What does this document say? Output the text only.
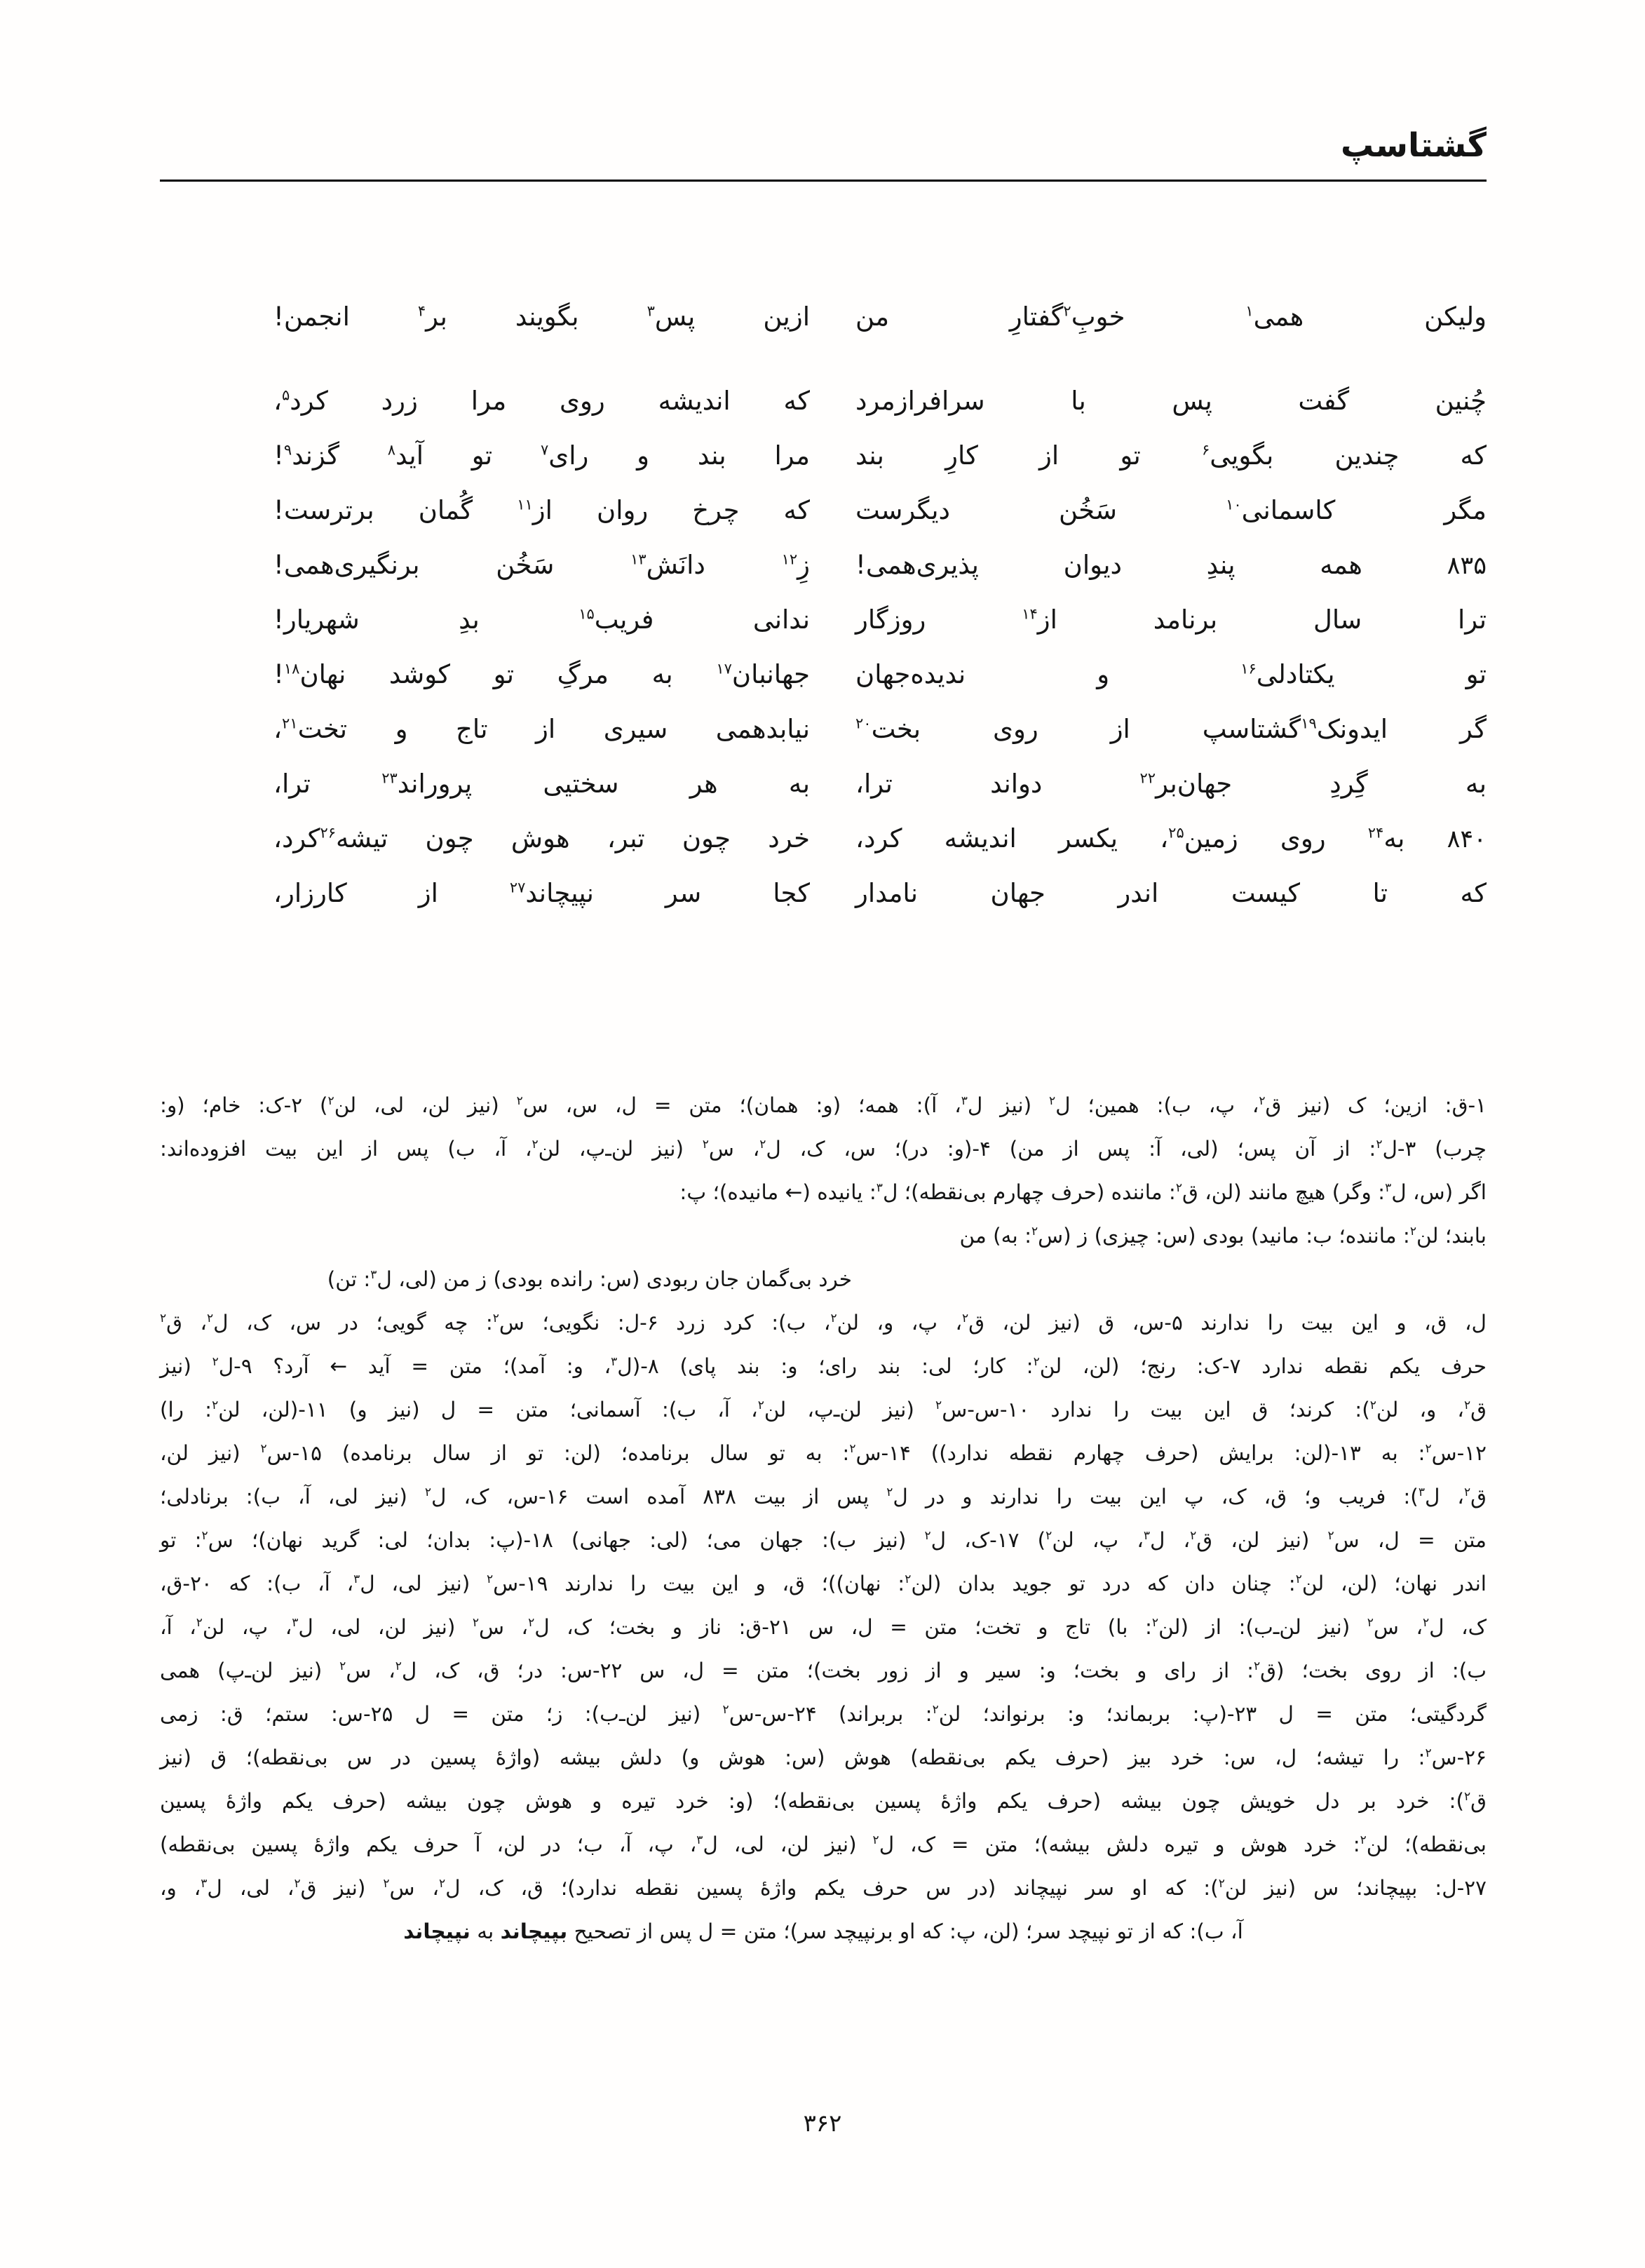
گشتاسپ
ولیکن
همی$^۱$
خوبِ$^۲$گفتارِ
من
ازین
پس$^۳$
بگویند
بر$^۴$
انجمن!
چُنین
گفت
پس
با
سرافرازمرد
که
اندیشه
روی
مرا
زرد
کرد$^۵$،
که
چندین
بگویی$^۶$
تو
از
کارِ
بند
مرا
بند
و
رای$^۷$
تو
آید$^۸$
گزند$^۹$!
مگر
کاسمانی$^{۱۰}$
سَخُن
دیگرست
که
چرخ
روان
از$^{۱۱}$
گُمان
برترست!
۸۳۵
همه
پندِ
دیوان
پذیری‌همی!
زِ$^{۱۲}$
دانَش$^{۱۳}$
سَخُن
برنگیری‌همی!
ترا
سال
برنامد
از$^{۱۴}$
روزگار
ندانی
فریب$^{۱۵}$
بدِ
شهریار!
تو
یکتادلی$^{۱۶}$
و
ندیده‌جهان
جهانبان$^{۱۷}$
به
مرگِ
تو
کوشد
نهان$^{۱۸}$!
گر
ایدونک$^{۱۹}$گشتاسپ
از
روی
بخت$^{۲۰}$
نیابد‌همی
سیری
از
تاج
و
تخت$^{۲۱}$،
به
گِردِ
جهان‌بر$^{۲۲}$
دواند
ترا،
به
هر
سختیی
پروراند$^{۲۳}$
ترا،
۸۴۰
به$^{۲۴}$
روی
زمین$^{۲۵}$،
یکسر
اندیشه
کرد،
خرد
چون
تبر،
هوش
چون
تیشه$^{۲۶}$کرد،
که
تا
کیست
اندر
جهان
نامدار
کجا
سر
نپیچاند$^{۲۷}$
از
کارزار،
۱-ق: ازین؛ ک (نیز ق$^۲$، پ، ب): همین؛ ل$^۲$ (نیز ل$^۳$، آ): همه؛ (و: همان)؛ متن = ل، س، س$^۲$ (نیز لن، لی، لن$^۲$) ۲-ک: خام؛ (و:
چرب) ۳-ل$^۲$: از آن پس؛ (لی، آ: پس از من) ۴-(و: در)؛ س، ک، ل$^۲$، س$^۲$ (نیز لن‌ـ‌پ، لن$^۲$، آ، ب) پس از این بیت افزوده‌اند:
اگر (س، ل$^۳$: وگر) هیچ مانند (لن، ق$^۲$: ماننده (حرف چهارم بی‌نقطه)؛ ل$^۳$: یانیده (← مانیده)؛ پ:
بابند؛ لن$^۲$: ماننده؛ ب: مانید) بودی (س: چیزی) ز (س$^۲$: به) من
خرد بی‌گمان جان ربودی (س: رانده بودی) ز من (لی، ل$^۳$: تن)
ل، ق، و این بیت را ندارند ۵-س، ق (نیز لن، ق$^۲$، پ، و، لن$^۲$، ب): کرد زرد ۶-ل: نگویی؛ س$^۲$: چه گویی؛ در س، ک، ل$^۲$، ق$^۲$
حرف یکم نقطه ندارد ۷-ک: رنج؛ (لن، لن$^۲$: کار؛ لی: بند رای؛ و: بند پای) ۸-(ل$^۳$، و: آمد)؛ متن = آید ← آرد؟ ۹-ل$^۲$ (نیز
ق$^۲$، و، لن$^۲$): کرند؛ ق این بیت را ندارد ۱۰-س-س$^۲$ (نیز لن‌ـ‌پ، لن$^۲$، آ، ب): آسمانی؛ متن = ل (نیز و) ۱۱-(لن، لن$^۲$: را)
۱۲-س$^۲$: به ۱۳-(لن: برایش (حرف چهارم نقطه ندارد)) ۱۴-س$^۲$: به تو سال برنامده؛ (لن: تو از سال برنامده) ۱۵-س$^۲$ (نیز لن،
ق$^۲$، ل$^۳$): فریب و؛ ق، ک، پ این بیت را ندارند و در ل$^۲$ پس از بیت ۸۳۸ آمده است ۱۶-س، ک، ل$^۲$ (نیز لی، آ، ب): برنادلی؛
متن = ل، س$^۲$ (نیز لن، ق$^۲$، ل$^۳$، پ، لن$^۲$) ۱۷-ک، ل$^۲$ (نیز ب): جهان می؛ (لی: جهانی) ۱۸-(پ: بدان؛ لی: گرید نهان)؛ س$^۲$: تو
اندر نهان؛ (لن، لن$^۲$: چنان دان که درد تو جوید بدان (لن$^۲$: نهان))؛ ق، و این بیت را ندارند ۱۹-س$^۲$ (نیز لی، ل$^۳$، آ، ب): که ۲۰-ق،
ک، ل$^۲$، س$^۲$ (نیز لن‌ـ‌ب): از (لن$^۲$: با) تاج و تخت؛ متن = ل، س ۲۱-ق: ناز و بخت؛ ک، ل$^۲$، س$^۲$ (نیز لن، لی، ل$^۳$، پ، لن$^۲$، آ،
ب): از روی بخت؛ (ق$^۲$: از رای و بخت؛ و: سیر و از زور بخت)؛ متن = ل، س ۲۲-س: در؛ ق، ک، ل$^۲$، س$^۲$ (نیز لن‌ـ‌پ) همی
گردگیتی؛ متن = ل ۲۳-(پ: بربماند؛ و: برنواند؛ لن$^۲$: بربراند) ۲۴-س-س$^۲$ (نیز لن‌ـ‌ب): ز؛ متن = ل ۲۵-س: ستم؛ ق: زمی
۲۶-س$^۲$: را تیشه؛ ل، س: خرد بیز (حرف یکم بی‌نقطه) هوش (س: هوش و) دلش بیشه (واژهٔ پسین در س بی‌نقطه)؛ ق (نیز
ق$^۲$): خرد بر دل خویش چون بیشه (حرف یکم واژهٔ پسین بی‌نقطه)؛ (و: خرد تیره و هوش چون بیشه (حرف یکم واژهٔ پسین
بی‌نقطه)؛ لن$^۲$: خرد هوش و تیره دلش بیشه)؛ متن = ک، ل$^۲$ (نیز لن، لی، ل$^۳$، پ، آ، ب؛ در لن، آ حرف یکم واژهٔ پسین بی‌نقطه)
۲۷-ل: بپیچاند؛ س (نیز لن$^۲$): که او سر نپیچاند (در س حرف یکم واژهٔ پسین نقطه ندارد)؛ ق، ک، ل$^۲$، س$^۲$ (نیز ق$^۲$، لی، ل$^۳$، و،
آ، ب): که از تو نپیچد سر؛ (لن، پ: که او برنپیچد سر)؛ متن = ل پس از تصحیح بپیچاند به نپیچاند
۳۶۲
